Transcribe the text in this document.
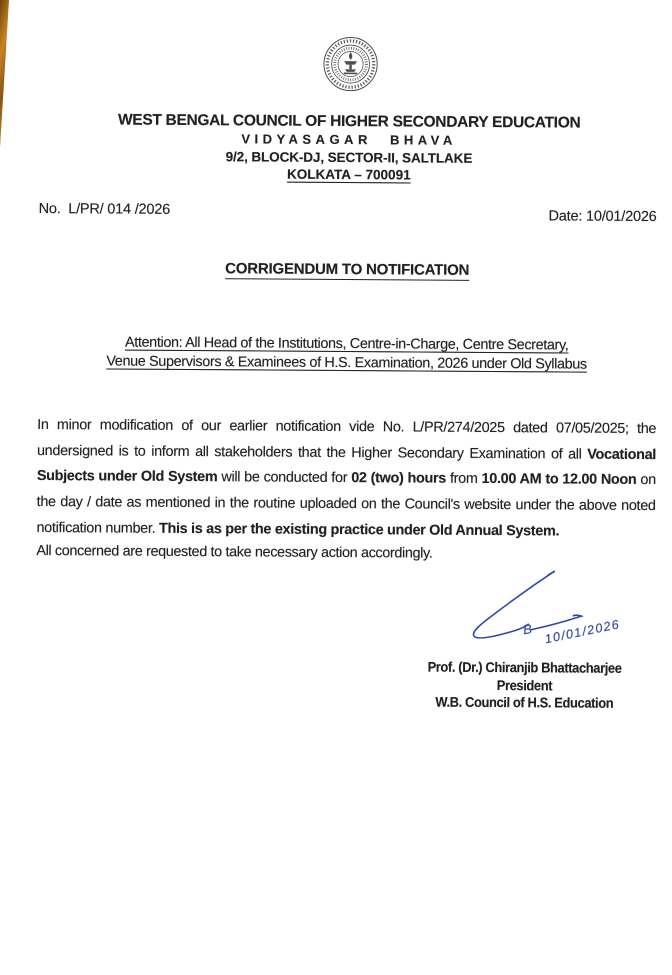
WEST BENGAL COUNCIL OF HIGHER SECONDARY EDUCATION
VIDYASAGAR BHAVA
9/2, BLOCK-DJ, SECTOR-II, SALTLAKE
KOLKATA – 700091
No.  L/PR/ 014 /2026	Date: 10/01/2026
CORRIGENDUM TO NOTIFICATION
Attention: All Head of the Institutions, Centre-in-Charge, Centre Secretary,
Venue Supervisors & Examinees of H.S. Examination, 2026 under Old Syllabus
In minor modification of our earlier notification vide No. L/PR/274/2025 dated 07/05/2025; the
undersigned is to inform all stakeholders that the Higher Secondary Examination of all Vocational
Subjects under Old System will be conducted for 02 (two) hours from 10.00 AM to 12.00 Noon on
the day / date as mentioned in the routine uploaded on the Council's website under the above noted
notification number. This is as per the existing practice under Old Annual System.
All concerned are requested to take necessary action accordingly.
B 10/01/2026
Prof. (Dr.) Chiranjib Bhattacharjee
President
W.B. Council of H.S. Education
